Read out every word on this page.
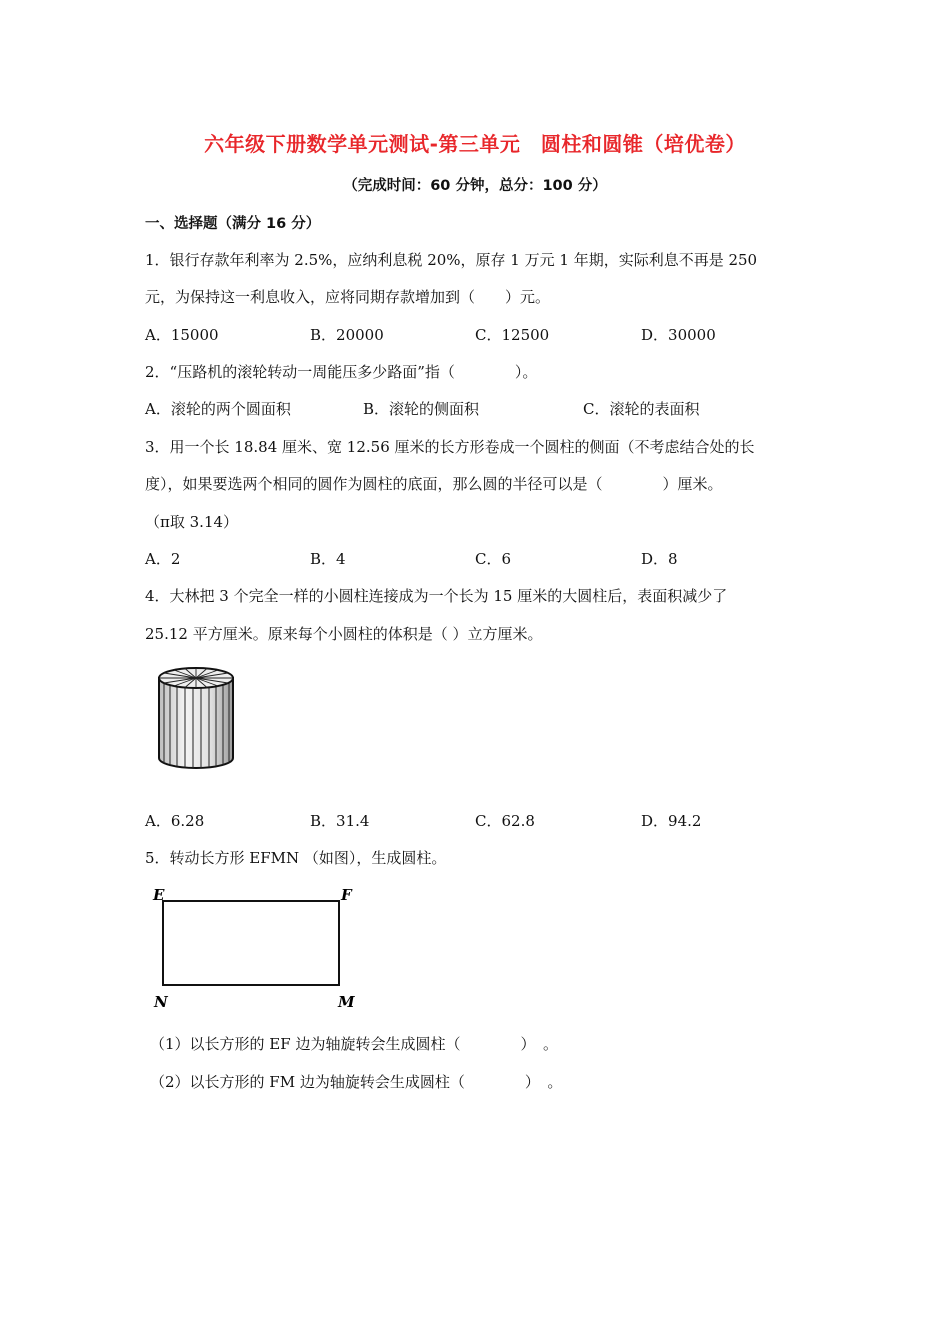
六年级下册数学单元测试-第三单元　圆柱和圆锥（培优卷）
（完成时间：60 分钟，总分：100 分）
一、选择题（满分 16 分）
1．银行存款年利率为 2.5%，应纳利息税 20%，原存 1 万元 1 年期，实际利息不再是 250
元，为保持这一利息收入，应将同期存款增加到（　　）元。
A．15000	B．20000	C．12500	D．30000
2．“压路机的滚轮转动一周能压多少路面”指（　　　　）。
A．滚轮的两个圆面积	B．滚轮的侧面积	C．滚轮的表面积
3．用一个长 18.84 厘米、宽 12.56 厘米的长方形卷成一个圆柱的侧面（不考虑结合处的长
度），如果要选两个相同的圆作为圆柱的底面，那么圆的半径可以是（　　　　）厘米。
（π取 3.14）
A．2	B．4	C．6	D．8
4．大林把 3 个完全一样的小圆柱连接成为一个长为 15 厘米的大圆柱后，表面积减少了
25.12 平方厘米。原来每个小圆柱的体积是（ ）立方厘米。
A．6.28	B．31.4	C．62.8	D．94.2
5．转动长方形 EFMN （如图），生成圆柱。
E	F
N	M
（1）以长方形的 EF 边为轴旋转会生成圆柱（　　　　）　。
（2）以长方形的 FM 边为轴旋转会生成圆柱（　　　　）　。
